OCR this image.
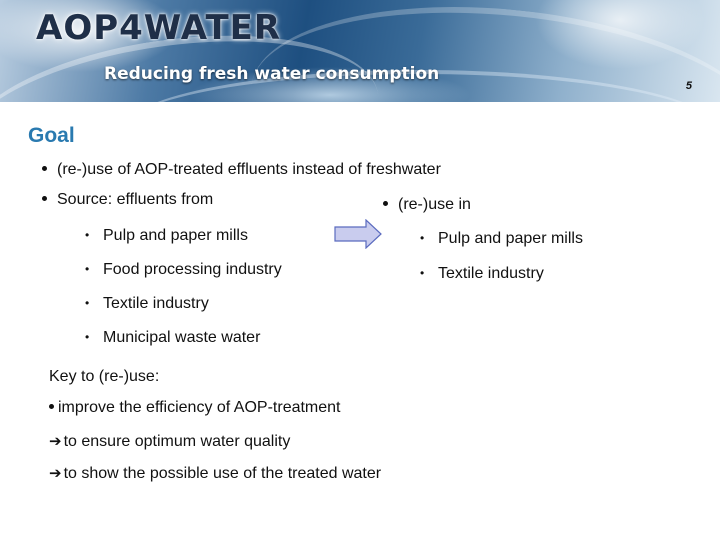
AOP4WATER
Reducing fresh water consumption
5
Goal
(re-)use of AOP-treated effluents instead of freshwater
Source: effluents from	(re-)use in
• Pulp and paper mills
• Food processing industry
• Textile industry
• Municipal waste water
• Pulp and paper mills
• Textile industry
Key to (re-)use:
improve the efficiency of AOP-treatment
➔ to ensure optimum water quality
➔ to show the possible use of the treated water
